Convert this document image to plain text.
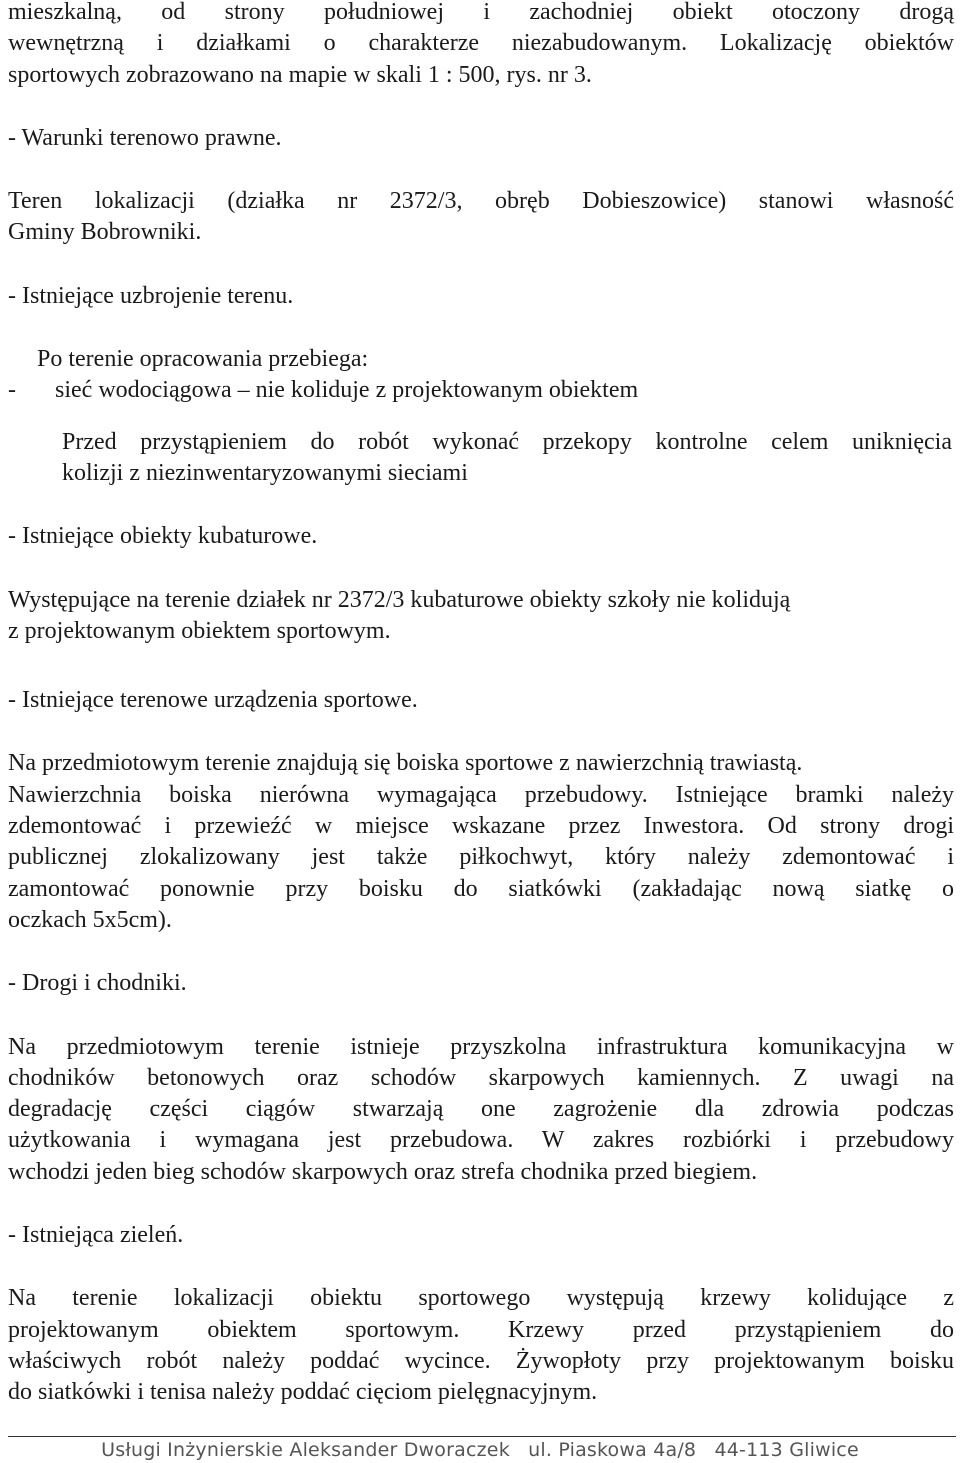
mieszkalną, od strony południowej i zachodniej obiekt otoczony drogą
wewnętrzną i działkami o charakterze niezabudowanym. Lokalizację obiektów
sportowych zobrazowano na mapie w skali 1 : 500, rys. nr 3.
- Warunki terenowo prawne.
Teren lokalizacji (działka nr 2372/3, obręb Dobieszowice) stanowi własność
Gminy Bobrowniki.
- Istniejące uzbrojenie terenu.
Po terenie opracowania przebiega:
-	sieć wodociągowa – nie koliduje z projektowanym obiektem
Przed przystąpieniem do robót wykonać przekopy kontrolne celem uniknięcia
kolizji z niezinwentaryzowanymi sieciami
- Istniejące obiekty kubaturowe.
Występujące na terenie działek nr 2372/3 kubaturowe obiekty szkoły nie kolidują
z projektowanym obiektem sportowym.
- Istniejące terenowe urządzenia sportowe.
Na przedmiotowym terenie znajdują się boiska sportowe z nawierzchnią trawiastą.
Nawierzchnia boiska nierówna wymagająca przebudowy. Istniejące bramki należy
zdemontować i przewieźć w miejsce wskazane przez Inwestora. Od strony drogi
publicznej zlokalizowany jest także piłkochwyt, który należy zdemontować i
zamontować ponownie przy boisku do siatkówki (zakładając nową siatkę o
oczkach 5x5cm).
- Drogi i chodniki.
Na przedmiotowym terenie istnieje przyszkolna infrastruktura komunikacyjna w
chodników betonowych oraz schodów skarpowych kamiennych. Z uwagi na
degradację części ciągów stwarzają one zagrożenie dla zdrowia podczas
użytkowania i wymagana jest przebudowa. W zakres rozbiórki i przebudowy
wchodzi jeden bieg schodów skarpowych oraz strefa chodnika przed biegiem.
- Istniejąca zieleń.
Na terenie lokalizacji obiektu sportowego występują krzewy kolidujące z
projektowanym obiektem sportowym. Krzewy przed przystąpieniem do
właściwych robót należy poddać wycince. Żywopłoty przy projektowanym boisku
do siatkówki i tenisa należy poddać cięciom pielęgnacyjnym.
Usługi Inżynierskie Aleksander Dworaczek ul. Piaskowa 4a/8 44-113 Gliwice
